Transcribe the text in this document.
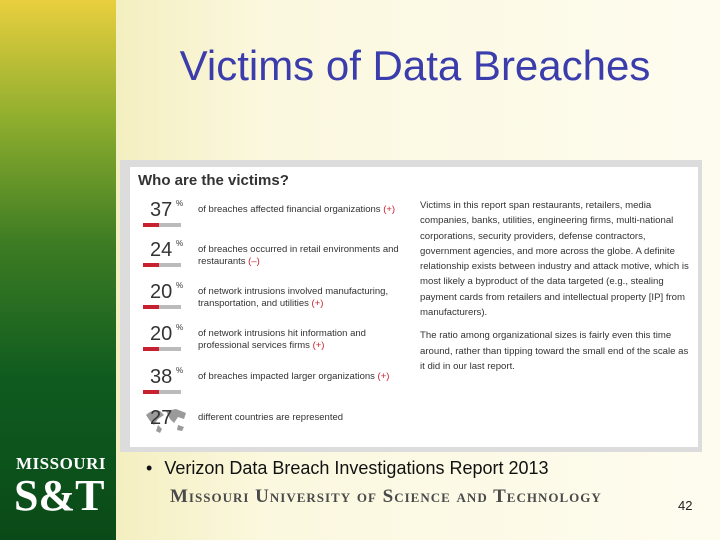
MISSOURI
S&T
Victims of Data Breaches
Who are the victims?
37 %
of breaches affected financial organizations (+)
24 %
of breaches occurred in retail environments and restaurants (–)
20 %
of network intrusions involved manufacturing, transportation, and utilities (+)
20 %
of network intrusions hit information and professional services firms (+)
38 %
of breaches impacted larger organizations (+)
27	different countries are represented

Victims in this report span restaurants, retailers, media companies, banks, utilities, engineering firms, multi-national corporations, security providers, defense contractors, government agencies, and more across the globe. A definite relationship exists between industry and attack motive, which is most likely a byproduct of the data targeted (e.g., stealing payment cards from retailers and intellectual property [IP] from manufacturers).

The ratio among organizational sizes is fairly even this time around, rather than tipping toward the small end of the scale as it did in our last report.

• Verizon Data Breach Investigations Report 2013
Missouri University of Science and Technology	42
